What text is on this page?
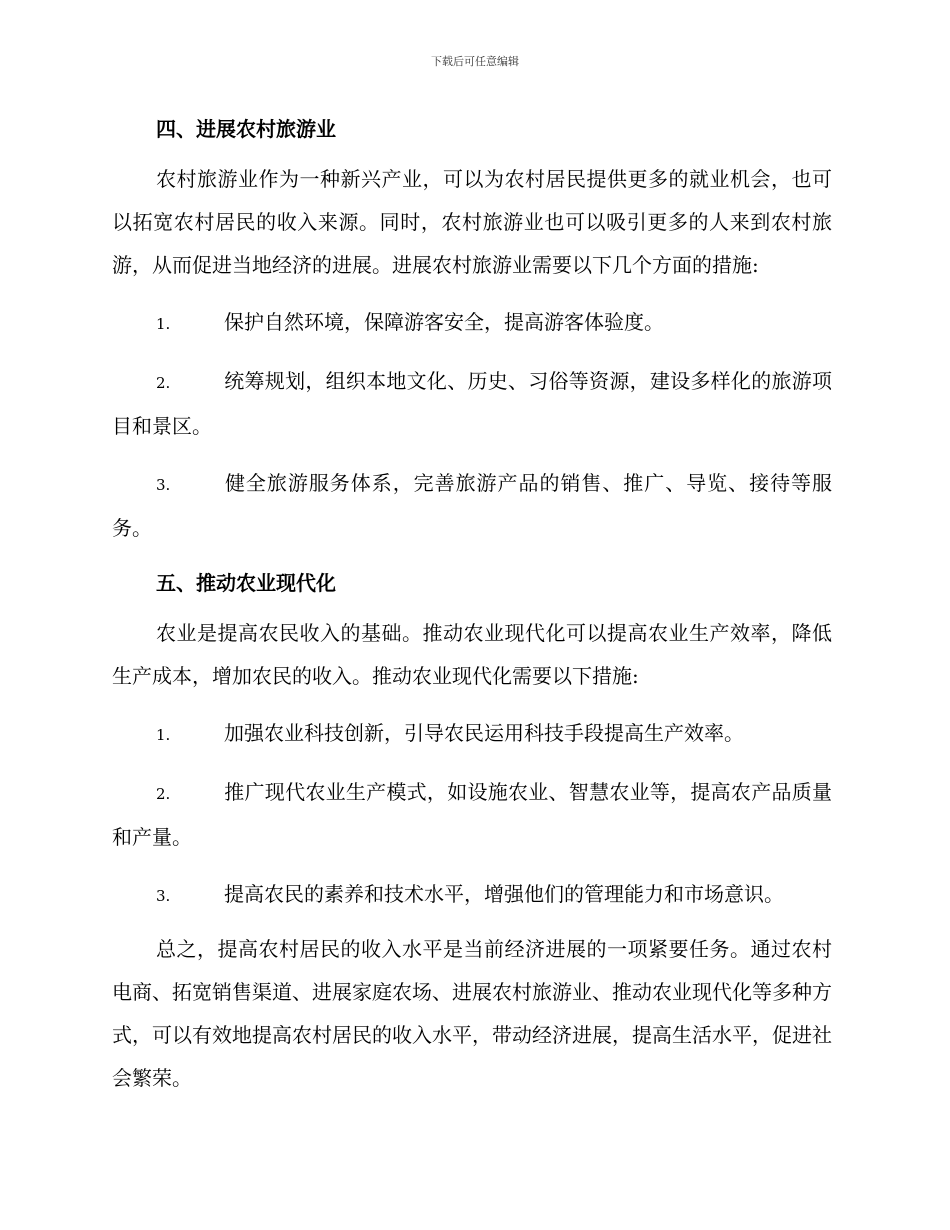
下载后可任意编辑
四、进展农村旅游业

农村旅游业作为一种新兴产业，可以为农村居民提供更多的就业机会，也可以拓宽农村居民的收入来源。同时，农村旅游业也可以吸引更多的人来到农村旅游，从而促进当地经济的进展。进展农村旅游业需要以下几个方面的措施:

1.	保护自然环境，保障游客安全，提高游客体验度。

2.	统筹规划，组织本地文化、历史、习俗等资源，建设多样化的旅游项目和景区。

3.	健全旅游服务体系，完善旅游产品的销售、推广、导览、接待等服务。

五、推动农业现代化

农业是提高农民收入的基础。推动农业现代化可以提高农业生产效率，降低生产成本，增加农民的收入。推动农业现代化需要以下措施:

1.	加强农业科技创新，引导农民运用科技手段提高生产效率。

2.	推广现代农业生产模式，如设施农业、智慧农业等，提高农产品质量和产量。

3.	提高农民的素养和技术水平，增强他们的管理能力和市场意识。

总之，提高农村居民的收入水平是当前经济进展的一项紧要任务。通过农村电商、拓宽销售渠道、进展家庭农场、进展农村旅游业、推动农业现代化等多种方式，可以有效地提高农村居民的收入水平，带动经济进展，提高生活水平，促进社会繁荣。
